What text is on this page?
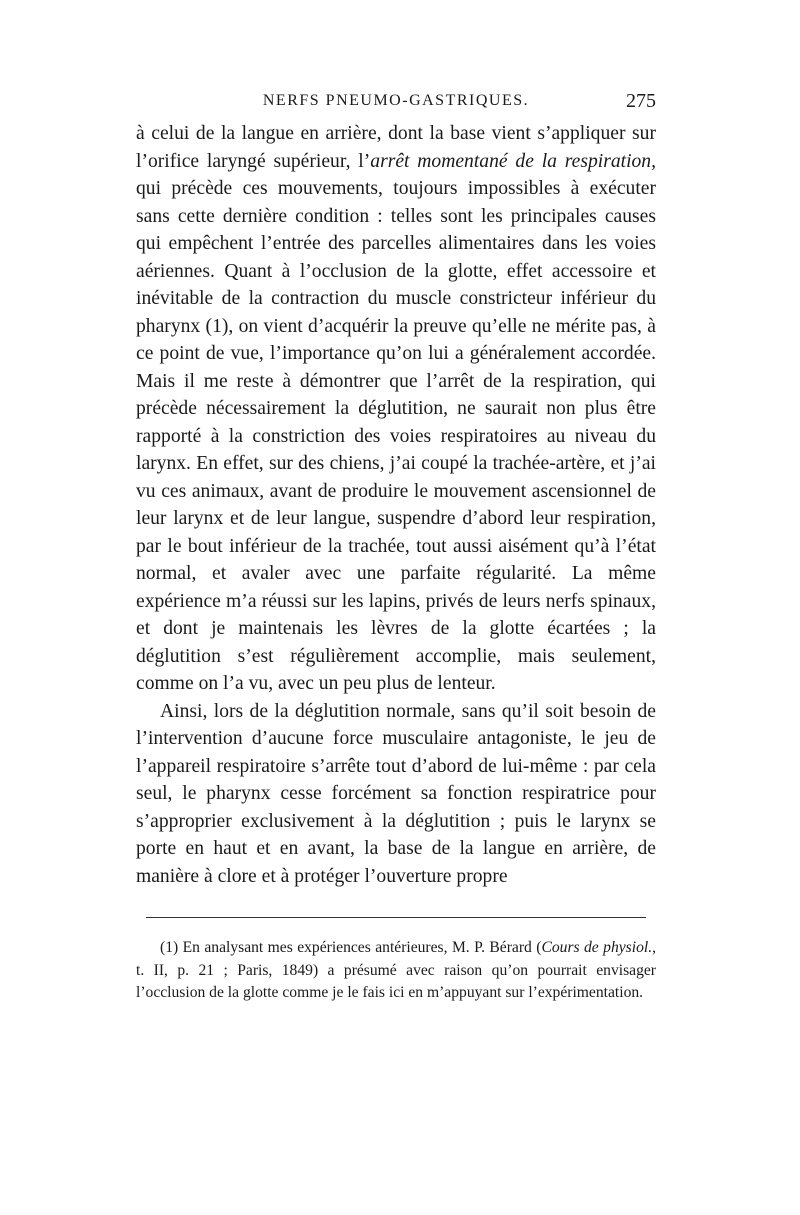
NERFS PNEUMO-GASTRIQUES.	275

à celui de la langue en arrière, dont la base vient s’appliquer sur l’orifice laryngé supérieur, l’arrêt momentané de la respiration, qui précède ces mouvements, toujours impossibles à exécuter sans cette dernière condition : telles sont les principales causes qui empêchent l’entrée des parcelles alimentaires dans les voies aériennes. Quant à l’occlusion de la glotte, effet accessoire et inévitable de la contraction du muscle constricteur inférieur du pharynx (1), on vient d’acquérir la preuve qu’elle ne mérite pas, à ce point de vue, l’importance qu’on lui a généralement accordée. Mais il me reste à démontrer que l’arrêt de la respiration, qui précède nécessairement la déglutition, ne saurait non plus être rapporté à la constriction des voies respiratoires au niveau du larynx. En effet, sur des chiens, j’ai coupé la trachée-artère, et j’ai vu ces animaux, avant de produire le mouvement ascensionnel de leur larynx et de leur langue, suspendre d’abord leur respiration, par le bout inférieur de la trachée, tout aussi aisément qu’à l’état normal, et avaler avec une parfaite régularité. La même expérience m’a réussi sur les lapins, privés de leurs nerfs spinaux, et dont je maintenais les lèvres de la glotte écartées ; la déglutition s’est régulièrement accomplie, mais seulement, comme on l’a vu, avec un peu plus de lenteur.

Ainsi, lors de la déglutition normale, sans qu’il soit besoin de l’intervention d’aucune force musculaire antagoniste, le jeu de l’appareil respiratoire s’arrête tout d’abord de lui-même : par cela seul, le pharynx cesse forcément sa fonction respiratrice pour s’approprier exclusivement à la déglutition ; puis le larynx se porte en haut et en avant, la base de la langue en arrière, de manière à clore et à protéger l’ouverture propre

(1) En analysant mes expériences antérieures, M. P. Bérard (Cours de physiol., t. II, p. 21 ; Paris, 1849) a présumé avec raison qu’on pourrait envisager l’occlusion de la glotte comme je le fais ici en m’appuyant sur l’expérimentation.
